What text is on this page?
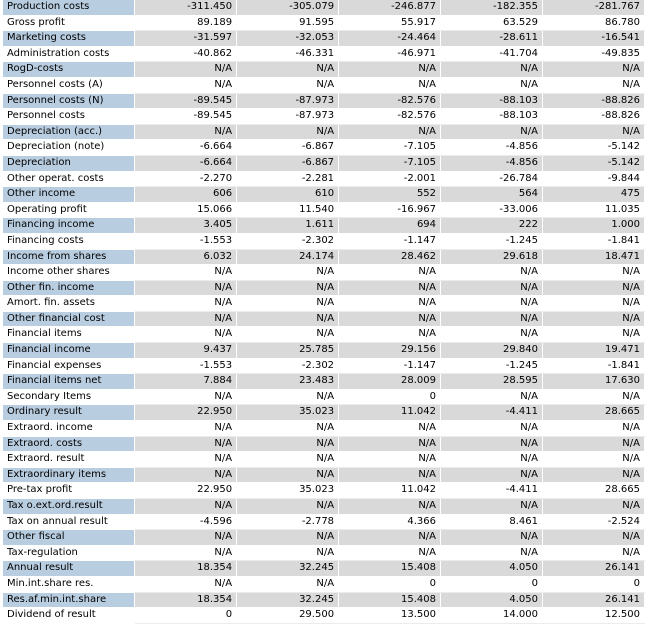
Production costs	-311.450	-305.079	-246.877	-182.355	-281.767
Gross profit	89.189	91.595	55.917	63.529	86.780
Marketing costs	-31.597	-32.053	-24.464	-28.611	-16.541
Administration costs	-40.862	-46.331	-46.971	-41.704	-49.835
RogD-costs	N/A	N/A	N/A	N/A	N/A
Personnel costs (A)	N/A	N/A	N/A	N/A	N/A
Personnel costs (N)	-89.545	-87.973	-82.576	-88.103	-88.826
Personnel costs	-89.545	-87.973	-82.576	-88.103	-88.826
Depreciation (acc.)	N/A	N/A	N/A	N/A	N/A
Depreciation (note)	-6.664	-6.867	-7.105	-4.856	-5.142
Depreciation	-6.664	-6.867	-7.105	-4.856	-5.142
Other operat. costs	-2.270	-2.281	-2.001	-26.784	-9.844
Other income	606	610	552	564	475
Operating profit	15.066	11.540	-16.967	-33.006	11.035
Financing income	3.405	1.611	694	222	1.000
Financing costs	-1.553	-2.302	-1.147	-1.245	-1.841
Income from shares	6.032	24.174	28.462	29.618	18.471
Income other shares	N/A	N/A	N/A	N/A	N/A
Other fin. income	N/A	N/A	N/A	N/A	N/A
Amort. fin. assets	N/A	N/A	N/A	N/A	N/A
Other financial cost	N/A	N/A	N/A	N/A	N/A
Financial items	N/A	N/A	N/A	N/A	N/A
Financial income	9.437	25.785	29.156	29.840	19.471
Financial expenses	-1.553	-2.302	-1.147	-1.245	-1.841
Financial items net	7.884	23.483	28.009	28.595	17.630
Secondary Items	N/A	N/A	0	N/A	N/A
Ordinary result	22.950	35.023	11.042	-4.411	28.665
Extraord. income	N/A	N/A	N/A	N/A	N/A
Extraord. costs	N/A	N/A	N/A	N/A	N/A
Extraord. result	N/A	N/A	N/A	N/A	N/A
Extraordinary items	N/A	N/A	N/A	N/A	N/A
Pre-tax profit	22.950	35.023	11.042	-4.411	28.665
Tax o.ext.ord.result	N/A	N/A	N/A	N/A	N/A
Tax on annual result	-4.596	-2.778	4.366	8.461	-2.524
Other fiscal	N/A	N/A	N/A	N/A	N/A
Tax-regulation	N/A	N/A	N/A	N/A	N/A
Annual result	18.354	32.245	15.408	4.050	26.141
Min.int.share res.	N/A	N/A	0	0	0
Res.af.min.int.share	18.354	32.245	15.408	4.050	26.141
Dividend of result	0	29.500	13.500	14.000	12.500
